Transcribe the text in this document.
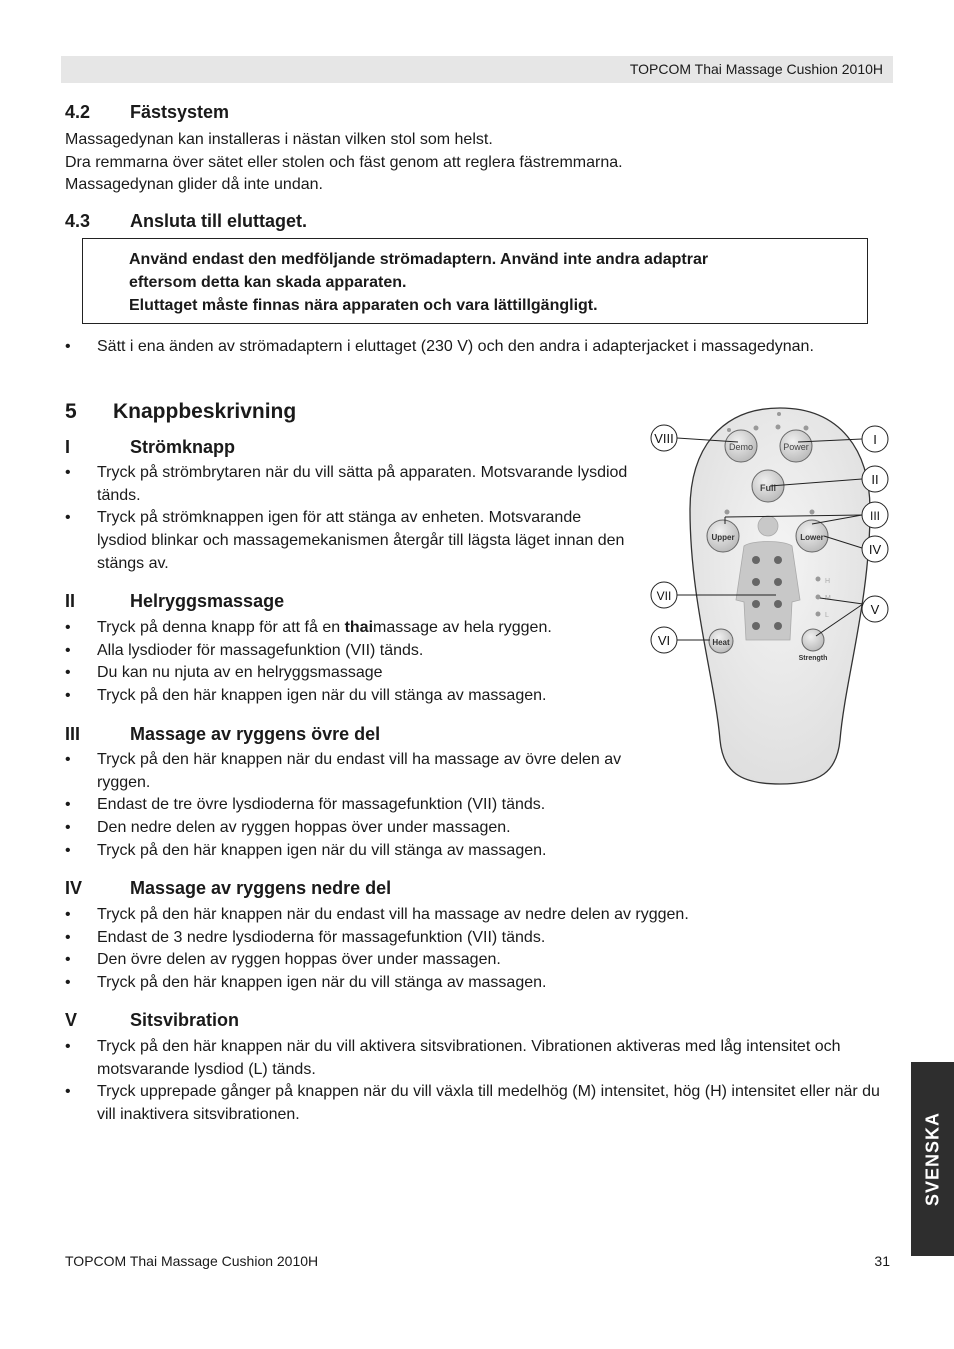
TOPCOM Thai Massage Cushion 2010H
4.2 Fästsystem
Massagedynan kan installeras i nästan vilken stol som helst.
Dra remmarna över sätet eller stolen och fäst genom att reglera fästremmarna.
Massagedynan glider då inte undan.
4.3 Ansluta till eluttaget.

Använd endast den medföljande strömadaptern. Använd inte andra adaptrar
eftersom detta kan skada apparaten.
Eluttaget måste finnas nära apparaten och vara lättillgängligt.

• Sätt i ena änden av strömadaptern i eluttaget (230 V) och den andra i adapterjacket i massagedynan.
5 Knappbeskrivning
I	Strömknapp
• Tryck på strömbrytaren när du vill sätta på apparaten. Motsvarande lysdiod tänds.
• Tryck på strömknappen igen för att stänga av enheten. Motsvarande lysdiod blinkar och massagemekanismen återgår till lägsta läget innan den stängs av.
II	Helryggsmassage
• Tryck på denna knapp för att få en thaimassage av hela ryggen.
• Alla lysdioder för massagefunktion (VII) tänds.
• Du kan nu njuta av en helryggsmassage
• Tryck på den här knappen igen när du vill stänga av massagen.
III	Massage av ryggens övre del
• Tryck på den här knappen när du endast vill ha massage av övre delen av ryggen.
• Endast de tre övre lysdioderna för massagefunktion (VII) tänds.
• Den nedre delen av ryggen hoppas över under massagen.
• Tryck på den här knappen igen när du vill stänga av massagen.
IV	Massage av ryggens nedre del
• Tryck på den här knappen när du endast vill ha massage av nedre delen av ryggen.
• Endast de 3 nedre lysdioderna för massagefunktion (VII) tänds.
• Den övre delen av ryggen hoppas över under massagen.
• Tryck på den här knappen igen när du vill stänga av massagen.
V	Sitsvibration
• Tryck på den här knappen när du vill aktivera sitsvibrationen. Vibrationen aktiveras med låg intensitet och motsvarande lysdiod (L) tänds.
• Tryck upprepade gånger på knappen när du vill växla till medelhög (M) intensitet, hög (H) intensitet eller när du vill inaktivera sitsvibrationen.
Demo	Power
Full
Upper	Lower
Heat
H
M
L
Strength
VIII	I
II
III
IV
V
VII
VI
SVENSKA
TOPCOM Thai Massage Cushion 2010H	31
